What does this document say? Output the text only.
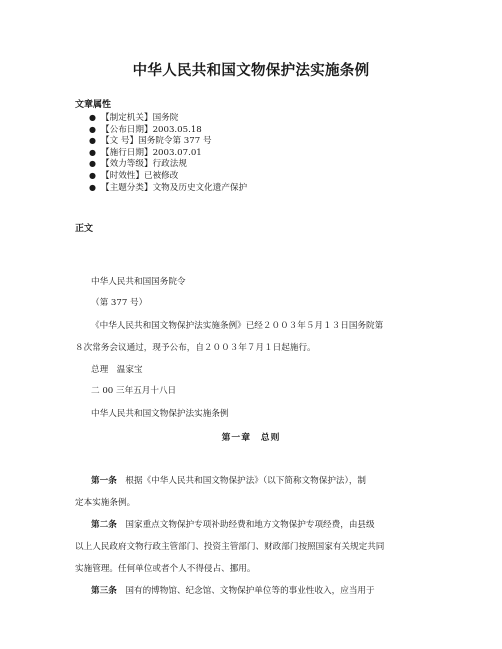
中华人民共和国文物保护法实施条例
文章属性
● 【制定机关】国务院
● 【公布日期】2003.05.18
● 【文 号】国务院令第 377 号
● 【施行日期】2003.07.01
● 【效力等级】行政法规
● 【时效性】已被修改
● 【主题分类】文物及历史文化遗产保护
正文
中华人民共和国国务院令
（第 377 号）
《中华人民共和国文物保护法实施条例》已经２００３年５月１３日国务院第
８次常务会议通过，现予公布，自２００３年７月１日起施行。
总理　温家宝
二 00 三年五月十八日
中华人民共和国文物保护法实施条例
第一章　总则
第一条　根据《中华人民共和国文物保护法》（以下简称文物保护法），制
定本实施条例。
第二条　国家重点文物保护专项补助经费和地方文物保护专项经费，由县级
以上人民政府文物行政主管部门、投资主管部门、财政部门按照国家有关规定共同
实施管理。任何单位或者个人不得侵占、挪用。
第三条　国有的博物馆、纪念馆、文物保护单位等的事业性收入，应当用于
